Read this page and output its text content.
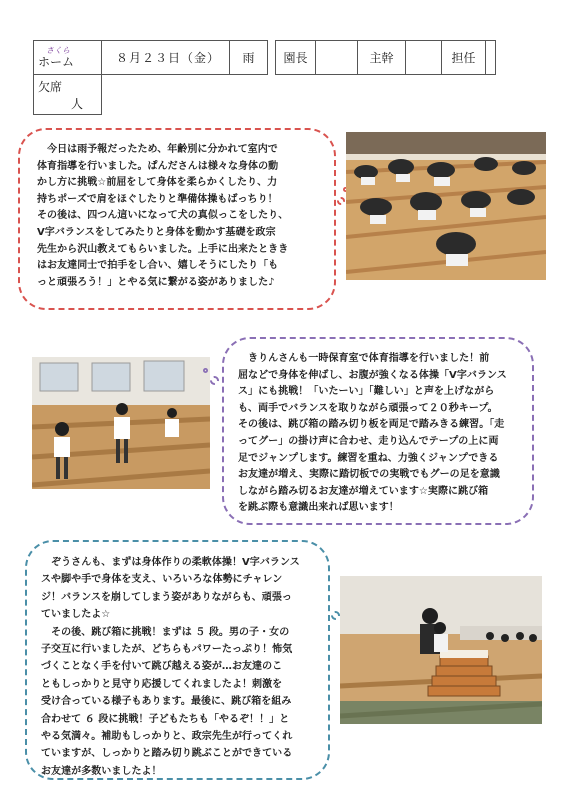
さくら
ホーム	８月２３日（金）	雨		園長		主幹		担任	

欠席
人									

　今日は雨予報だったため、年齢別に分かれて室内で
体育指導を行いました。ぱんださんは様々な身体の動
かし方に挑戦☆前屈をして身体を柔らかくしたり、力
持ちポーズで肩をほぐしたりと準備体操もばっちり！
その後は、四つん這いになって犬の真似っこをしたり、
V字バランスをしてみたりと身体を動かす基礎を政宗
先生から沢山教えてもらいました。上手に出来たときき
はお友達同士で拍手をし合い、嬉しそうにしたり「も
っと頑張ろう！」とやる気に繋がる姿がありました♪
　きりんさんも一時保育室で体育指導を行いました！前
屈などで身体を伸ばし、お腹が強くなる体操「V字バランス
ス」にも挑戦！「いたーい」「難しい」と声を上げながら
も、両手でバランスを取りながら頑張って２０秒キープ。
その後は、跳び箱の踏み切り板を両足で踏みきる練習。「走
ってグー」の掛け声に合わせ、走り込んでテープの上に両
足でジャンプします。練習を重ね、力強くジャンプできる
お友達が増え、実際に踏切板での実戦でもグーの足を意識
しながら踏み切るお友達が増えています☆実際に跳び箱
を跳ぶ際も意識出来れば思います！
　ぞうさんも、まずは身体作りの柔軟体操！V字バランス
スや脚や手で身体を支え、いろいろな体勢にチャレン
ジ！バランスを崩してしまう姿がありながらも、頑張っ
ていましたよ☆
　その後、跳び箱に挑戦！まずは ５ 段。男の子・女の
子交互に行いましたが、どちらもパワーたっぷり！怖気
づくことなく手を付いて跳び越える姿が…お友達のこ
ともしっかりと見守り応援してくれましたよ！刺激を
受け合っている様子もあります。最後に、跳び箱を組み
合わせて ６ 段に挑戦！子どもたちも「やるぞ！！」と
やる気満々。補助もしっかりと、政宗先生が行ってくれ
ていますが、しっかりと踏み切り跳ぶことができている
お友達が多数いましたよ！
